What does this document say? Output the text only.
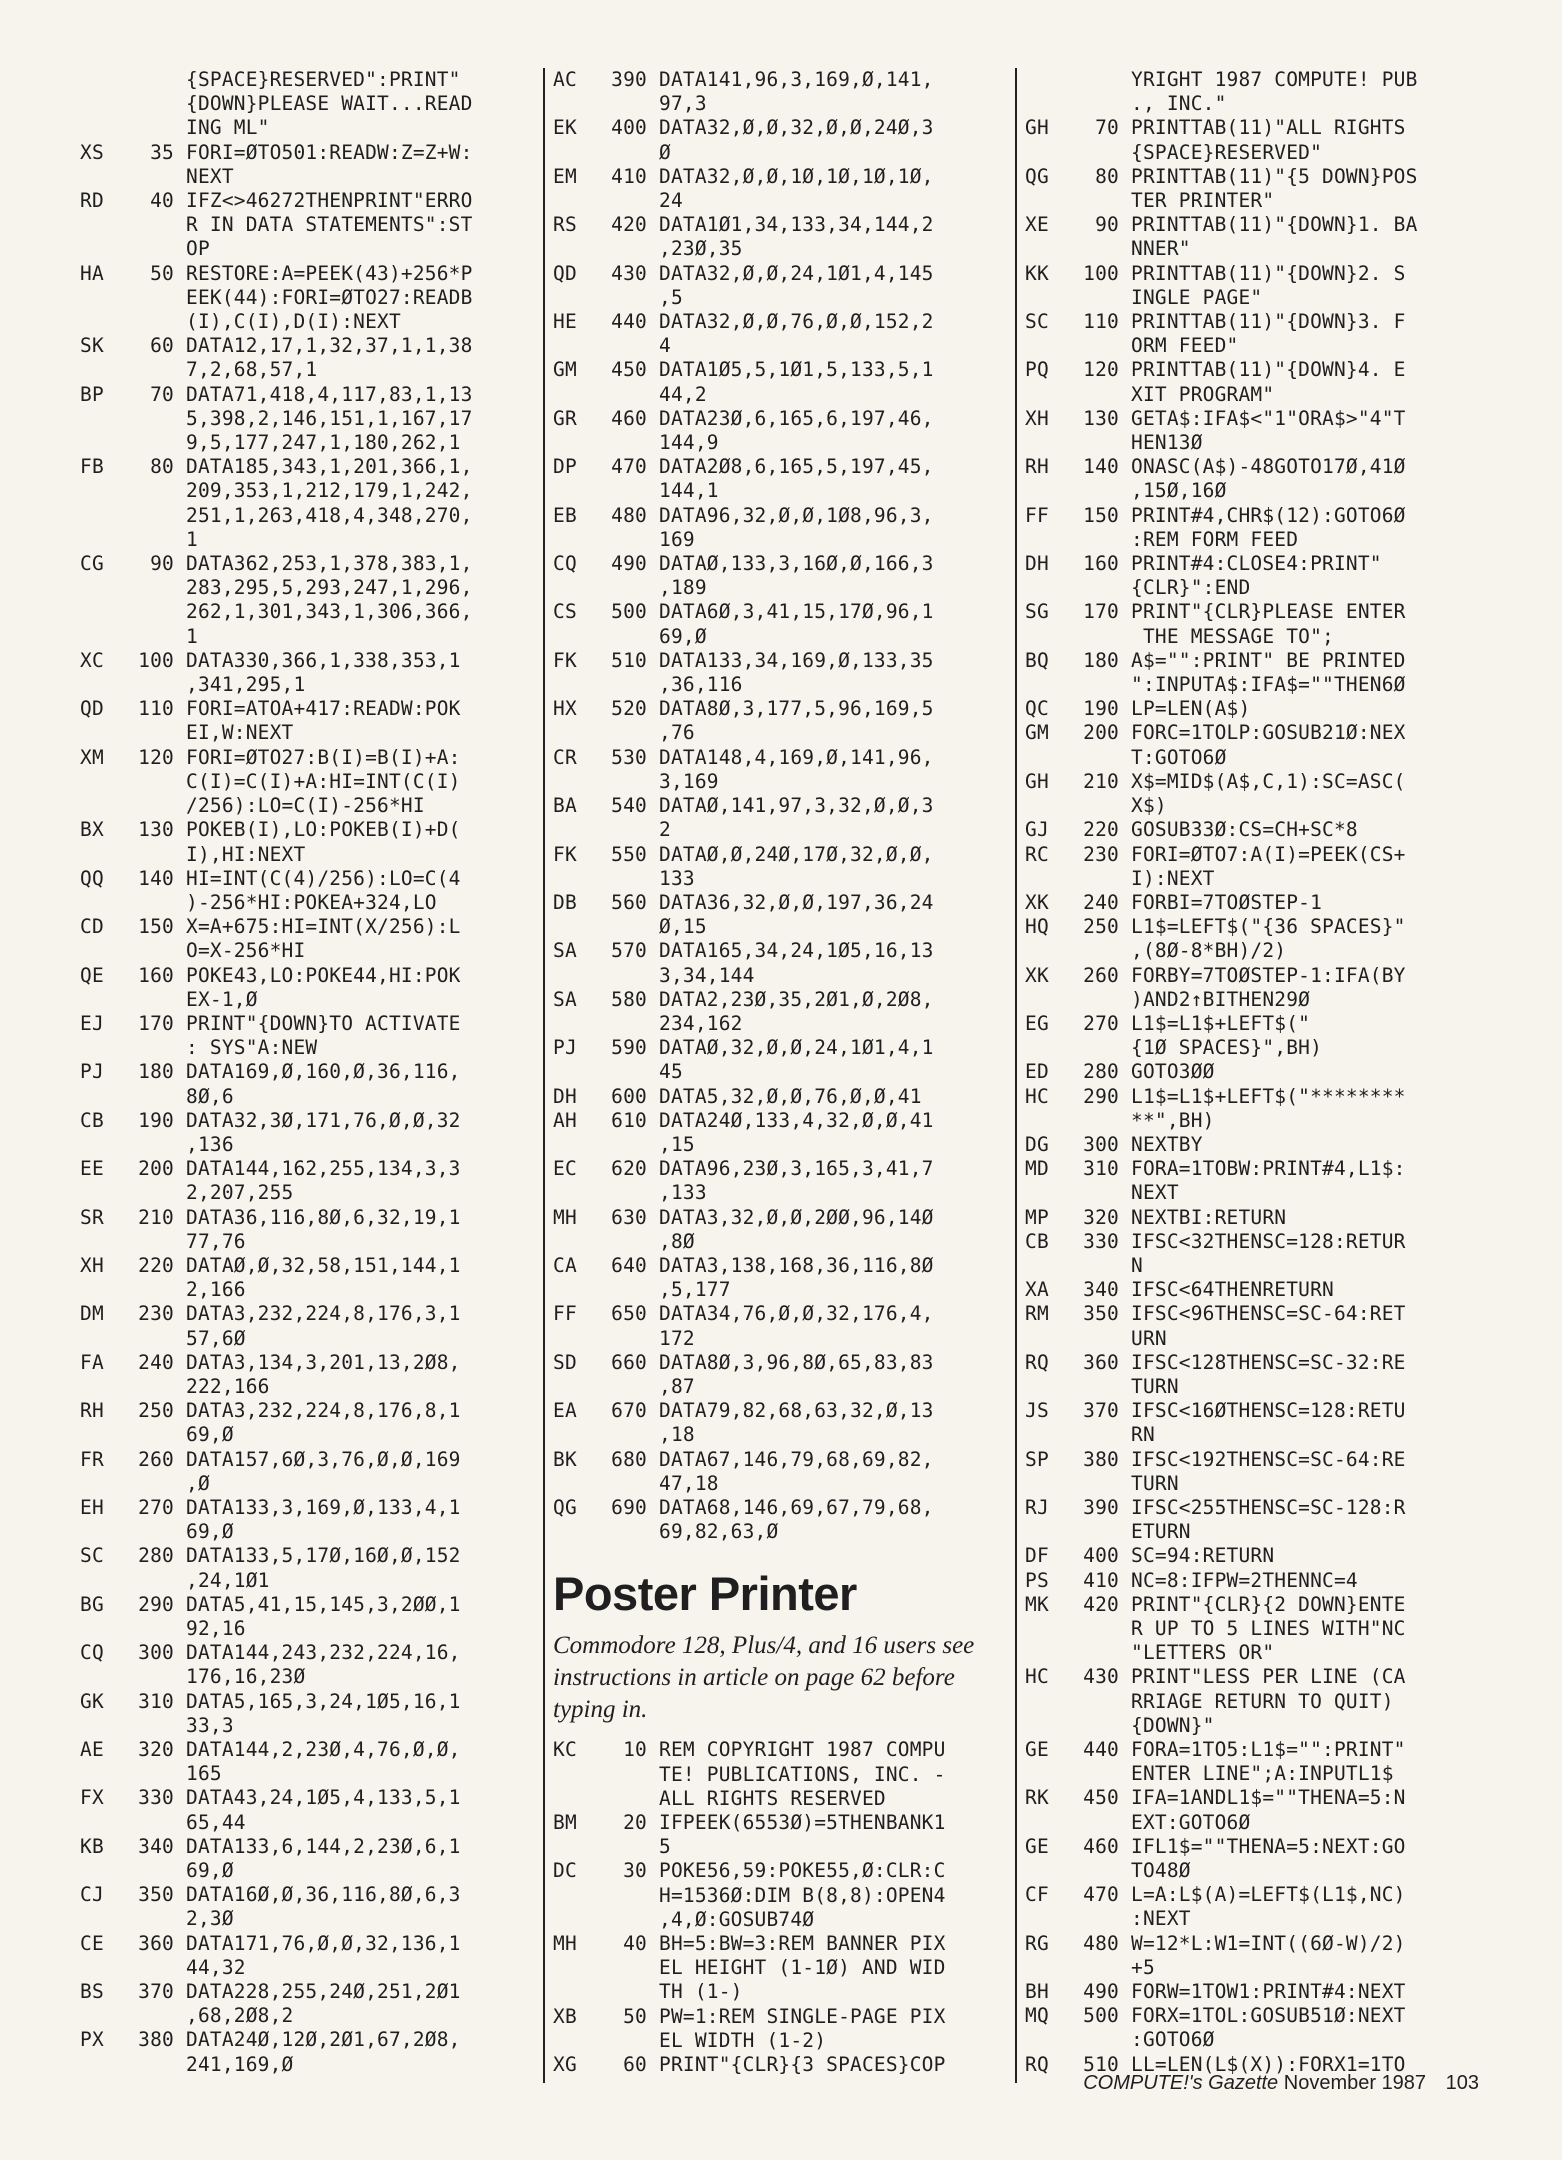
{SPACE}RESERVED":PRINT"
{DOWN}PLEASE WAIT...READ
ING ML"
XS	35 FORI=ØTO501:READW:Z=Z+W:
NEXT
RD	40 IFZ<>46272THENPRINT"ERRO
R IN DATA STATEMENTS":ST
OP
HA	50 RESTORE:A=PEEK(43)+256*P
EEK(44):FORI=ØTO27:READB
(I),C(I),D(I):NEXT
SK	60 DATA12,17,1,32,37,1,1,38
7,2,68,57,1
BP	70 DATA71,418,4,117,83,1,13
5,398,2,146,151,1,167,17
9,5,177,247,1,180,262,1
FB	80 DATA185,343,1,201,366,1,
209,353,1,212,179,1,242,
251,1,263,418,4,348,270,
1
CG	90 DATA362,253,1,378,383,1,
283,295,5,293,247,1,296,
262,1,301,343,1,306,366,
1
XC	100 DATA330,366,1,338,353,1
,341,295,1
QD	110 FORI=ATOA+417:READW:POK
EI,W:NEXT
XM	120 FORI=ØTO27:B(I)=B(I)+A:
C(I)=C(I)+A:HI=INT(C(I)
/256):LO=C(I)-256*HI
BX	130 POKEB(I),LO:POKEB(I)+D(
I),HI:NEXT
QQ	140 HI=INT(C(4)/256):LO=C(4
)-256*HI:POKEA+324,LO
CD	150 X=A+675:HI=INT(X/256):L
O=X-256*HI
QE	160 POKE43,LO:POKE44,HI:POK
EX-1,Ø
EJ	170 PRINT"{DOWN}TO ACTIVATE
: SYS"A:NEW
PJ	180 DATA169,Ø,160,Ø,36,116,
8Ø,6
CB	190 DATA32,3Ø,171,76,Ø,Ø,32
,136
EE	200 DATA144,162,255,134,3,3
2,207,255
SR	210 DATA36,116,8Ø,6,32,19,1
77,76
XH	220 DATAØ,Ø,32,58,151,144,1
2,166
DM	230 DATA3,232,224,8,176,3,1
57,6Ø
FA	240 DATA3,134,3,201,13,2Ø8,
222,166
RH	250 DATA3,232,224,8,176,8,1
69,Ø
FR	260 DATA157,6Ø,3,76,Ø,Ø,169
,Ø
EH	270 DATA133,3,169,Ø,133,4,1
69,Ø
SC	280 DATA133,5,17Ø,16Ø,Ø,152
,24,1Ø1
BG	290 DATA5,41,15,145,3,2ØØ,1
92,16
CQ	300 DATA144,243,232,224,16,
176,16,23Ø
GK	310 DATA5,165,3,24,1Ø5,16,1
33,3
AE	320 DATA144,2,23Ø,4,76,Ø,Ø,
165
FX	330 DATA43,24,1Ø5,4,133,5,1
65,44
KB	340 DATA133,6,144,2,23Ø,6,1
69,Ø
CJ	350 DATA16Ø,Ø,36,116,8Ø,6,3
2,3Ø
CE	360 DATA171,76,Ø,Ø,32,136,1
44,32
BS	370 DATA228,255,24Ø,251,2Ø1
,68,2Ø8,2
PX	380 DATA24Ø,12Ø,2Ø1,67,2Ø8,
241,169,Ø
AC	390 DATA141,96,3,169,Ø,141,
97,3
EK	400 DATA32,Ø,Ø,32,Ø,Ø,24Ø,3
Ø
EM	410 DATA32,Ø,Ø,1Ø,1Ø,1Ø,1Ø,
24
RS	420 DATA1Ø1,34,133,34,144,2
,23Ø,35
QD	430 DATA32,Ø,Ø,24,1Ø1,4,145
,5
HE	440 DATA32,Ø,Ø,76,Ø,Ø,152,2
4
GM	450 DATA1Ø5,5,1Ø1,5,133,5,1
44,2
GR	460 DATA23Ø,6,165,6,197,46,
144,9
DP	470 DATA2Ø8,6,165,5,197,45,
144,1
EB	480 DATA96,32,Ø,Ø,1Ø8,96,3,
169
CQ	490 DATAØ,133,3,16Ø,Ø,166,3
,189
CS	500 DATA6Ø,3,41,15,17Ø,96,1
69,Ø
FK	510 DATA133,34,169,Ø,133,35
,36,116
HX	520 DATA8Ø,3,177,5,96,169,5
,76
CR	530 DATA148,4,169,Ø,141,96,
3,169
BA	540 DATAØ,141,97,3,32,Ø,Ø,3
2
FK	550 DATAØ,Ø,24Ø,17Ø,32,Ø,Ø,
133
DB	560 DATA36,32,Ø,Ø,197,36,24
Ø,15
SA	570 DATA165,34,24,1Ø5,16,13
3,34,144
SA	580 DATA2,23Ø,35,2Ø1,Ø,2Ø8,
234,162
PJ	590 DATAØ,32,Ø,Ø,24,1Ø1,4,1
45
DH	600 DATA5,32,Ø,Ø,76,Ø,Ø,41
AH	610 DATA24Ø,133,4,32,Ø,Ø,41
,15
EC	620 DATA96,23Ø,3,165,3,41,7
,133
MH	630 DATA3,32,Ø,Ø,2ØØ,96,14Ø
,8Ø
CA	640 DATA3,138,168,36,116,8Ø
,5,177
FF	650 DATA34,76,Ø,Ø,32,176,4,
172
SD	660 DATA8Ø,3,96,8Ø,65,83,83
,87
EA	670 DATA79,82,68,63,32,Ø,13
,18
BK	680 DATA67,146,79,68,69,82,
47,18
QG	690 DATA68,146,69,67,79,68,
69,82,63,Ø
Poster Printer
Commodore 128, Plus/4, and 16 users see instructions in article on page 62 before typing in.
KC	10 REM COPYRIGHT 1987 COMPU
TE! PUBLICATIONS, INC. -
ALL RIGHTS RESERVED
BM	20 IFPEEK(6553Ø)=5THENBANK1
5
DC	30 POKE56,59:POKE55,Ø:CLR:C
H=1536Ø:DIM B(8,8):OPEN4
,4,Ø:GOSUB74Ø
MH	40 BH=5:BW=3:REM BANNER PIX
EL HEIGHT (1-1Ø) AND WID
TH (1-)
XB	50 PW=1:REM SINGLE-PAGE PIX
EL WIDTH (1-2)
XG	60 PRINT"{CLR}{3 SPACES}COP
YRIGHT 1987 COMPUTE! PUB
., INC."
GH	70 PRINTTAB(11)"ALL RIGHTS
{SPACE}RESERVED"
QG	80 PRINTTAB(11)"{5 DOWN}POS
TER PRINTER"
XE	90 PRINTTAB(11)"{DOWN}1. BA
NNER"
KK	100 PRINTTAB(11)"{DOWN}2. S
INGLE PAGE"
SC	110 PRINTTAB(11)"{DOWN}3. F
ORM FEED"
PQ	120 PRINTTAB(11)"{DOWN}4. E
XIT PROGRAM"
XH	130 GETA$:IFA$<"1"ORA$>"4"T
HEN13Ø
RH	140 ONASC(A$)-48GOTO17Ø,41Ø
,15Ø,16Ø
FF	150 PRINT#4,CHR$(12):GOTO6Ø
:REM FORM FEED
DH	160 PRINT#4:CLOSE4:PRINT"
{CLR}":END
SG	170 PRINT"{CLR}PLEASE ENTER
THE MESSAGE TO";
BQ	180 A$="":PRINT" BE PRINTED
":INPUTA$:IFA$=""THEN6Ø
QC	190 LP=LEN(A$)
GM	200 FORC=1TOLP:GOSUB21Ø:NEX
T:GOTO6Ø
GH	210 X$=MID$(A$,C,1):SC=ASC(
X$)
GJ	220 GOSUB33Ø:CS=CH+SC*8
RC	230 FORI=ØTO7:A(I)=PEEK(CS+
I):NEXT
XK	240 FORBI=7TOØSTEP-1
HQ	250 L1$=LEFT$("{36 SPACES}"
,(8Ø-8*BH)/2)
XK	260 FORBY=7TOØSTEP-1:IFA(BY
)AND2↑BITHEN29Ø
EG	270 L1$=L1$+LEFT$("
{1Ø SPACES}",BH)
ED	280 GOTO3ØØ
HC	290 L1$=L1$+LEFT$("********
**",BH)
DG	300 NEXTBY
MD	310 FORA=1TOBW:PRINT#4,L1$:
NEXT
MP	320 NEXTBI:RETURN
CB	330 IFSC<32THENSC=128:RETUR
N
XA	340 IFSC<64THENRETURN
RM	350 IFSC<96THENSC=SC-64:RET
URN
RQ	360 IFSC<128THENSC=SC-32:RE
TURN
JS	370 IFSC<16ØTHENSC=128:RETU
RN
SP	380 IFSC<192THENSC=SC-64:RE
TURN
RJ	390 IFSC<255THENSC=SC-128:R
ETURN
DF	400 SC=94:RETURN
PS	410 NC=8:IFPW=2THENNC=4
MK	420 PRINT"{CLR}{2 DOWN}ENTE
R UP TO 5 LINES WITH"NC
"LETTERS OR"
HC	430 PRINT"LESS PER LINE (CA
RRIAGE RETURN TO QUIT)
{DOWN}"
GE	440 FORA=1TO5:L1$="":PRINT"
ENTER LINE";A:INPUTL1$
RK	450 IFA=1ANDL1$=""THENA=5:N
EXT:GOTO6Ø
GE	460 IFL1$=""THENA=5:NEXT:GO
TO48Ø
CF	470 L=A:L$(A)=LEFT$(L1$,NC)
:NEXT
RG	480 W=12*L:W1=INT((6Ø-W)/2)
+5
BH	490 FORW=1TOW1:PRINT#4:NEXT
MQ	500 FORX=1TOL:GOSUB51Ø:NEXT
:GOTO6Ø
RQ	510 LL=LEN(L$(X)):FORX1=1TO
COMPUTE!'s Gazette November 1987 103
